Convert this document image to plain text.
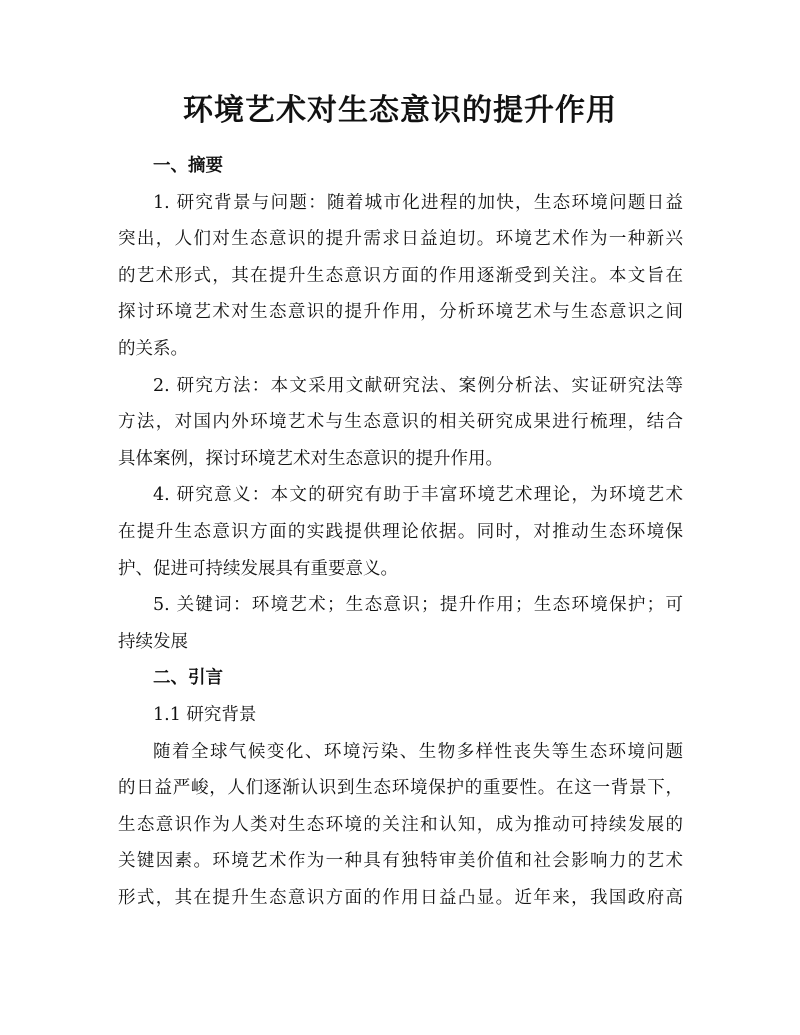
环境艺术对生态意识的提升作用
一、摘要
1. 研究背景与问题：随着城市化进程的加快，生态环境问题日益
突出，人们对生态意识的提升需求日益迫切。环境艺术作为一种新兴
的艺术形式，其在提升生态意识方面的作用逐渐受到关注。本文旨在
探讨环境艺术对生态意识的提升作用，分析环境艺术与生态意识之间
的关系。
2. 研究方法：本文采用文献研究法、案例分析法、实证研究法等
方法，对国内外环境艺术与生态意识的相关研究成果进行梳理，结合
具体案例，探讨环境艺术对生态意识的提升作用。
4. 研究意义：本文的研究有助于丰富环境艺术理论，为环境艺术
在提升生态意识方面的实践提供理论依据。同时，对推动生态环境保
护、促进可持续发展具有重要意义。
5. 关键词：环境艺术；生态意识；提升作用；生态环境保护；可
持续发展
二、引言
1.1 研究背景
随着全球气候变化、环境污染、生物多样性丧失等生态环境问题
的日益严峻，人们逐渐认识到生态环境保护的重要性。在这一背景下，
生态意识作为人类对生态环境的关注和认知，成为推动可持续发展的
关键因素。环境艺术作为一种具有独特审美价值和社会影响力的艺术
形式，其在提升生态意识方面的作用日益凸显。近年来，我国政府高
